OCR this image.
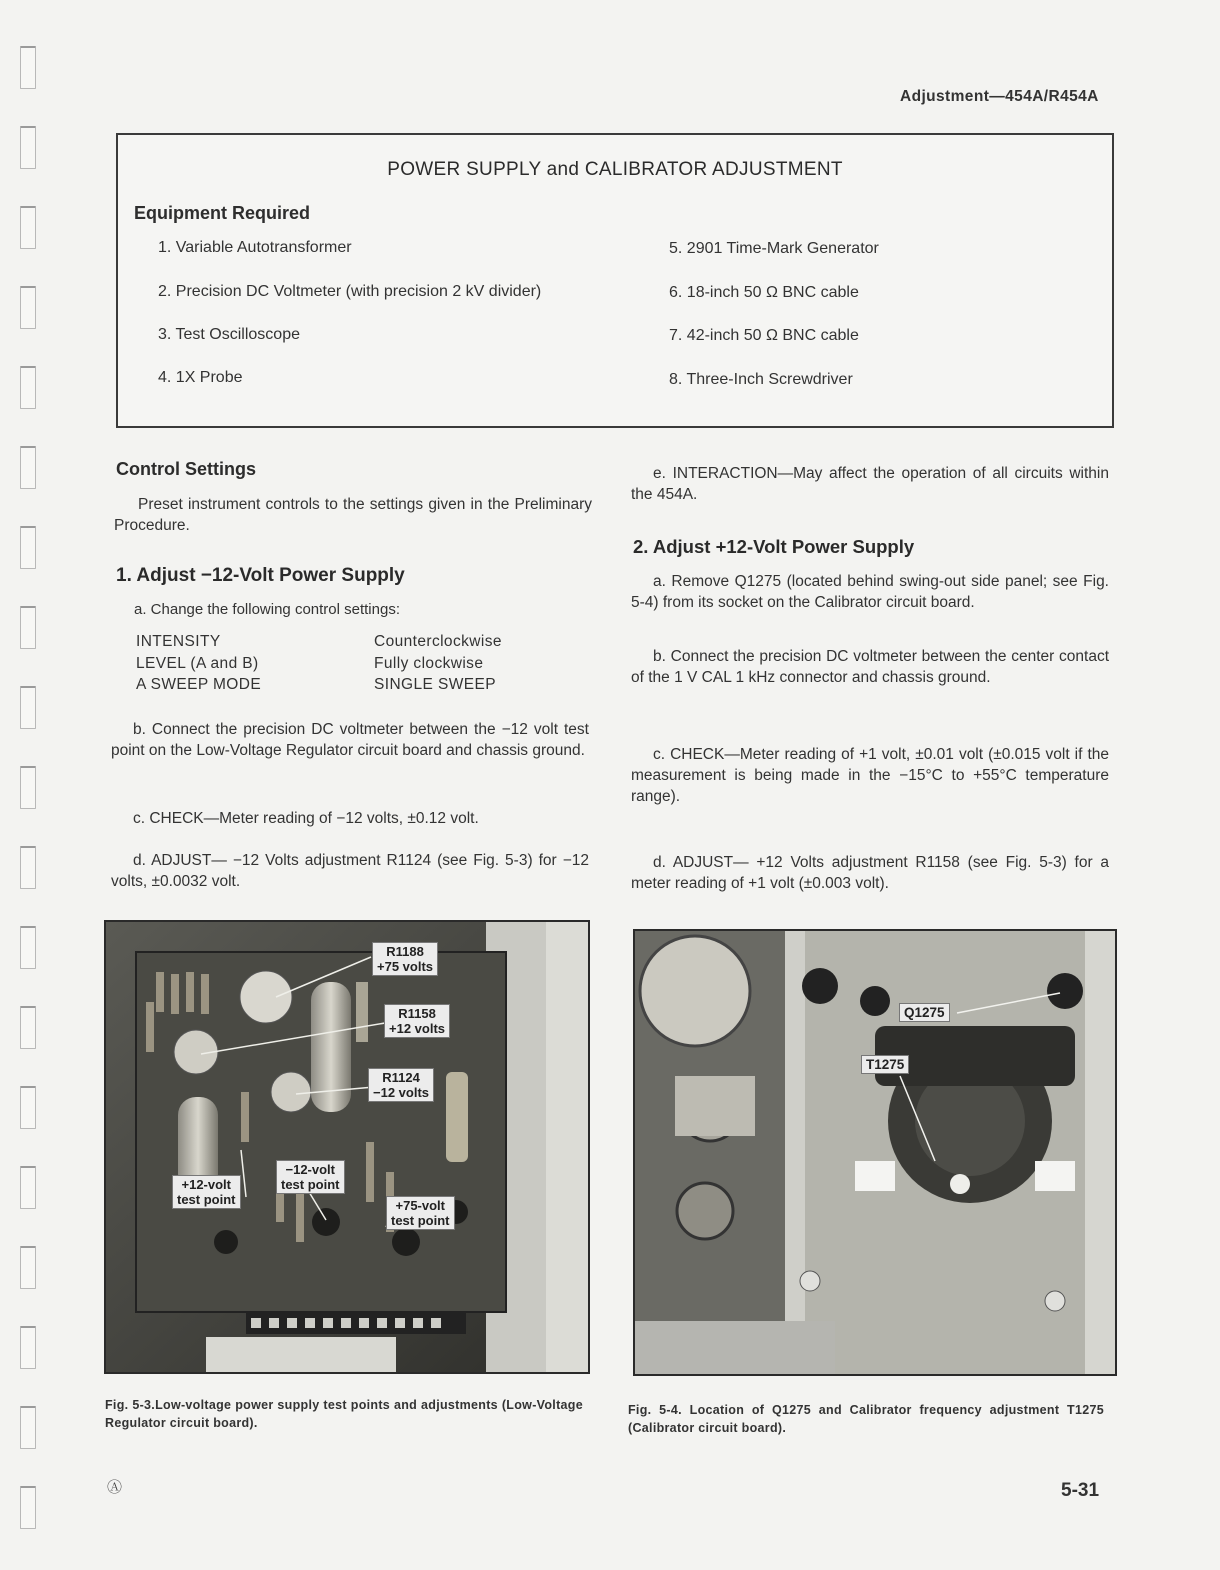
Adjustment—454A/R454A
POWER SUPPLY and CALIBRATOR ADJUSTMENT
Equipment Required
1. Variable Autotransformer
2. Precision DC Voltmeter (with precision 2 kV divider)
3. Test Oscilloscope
4. 1X Probe
5. 2901 Time-Mark Generator
6. 18-inch 50 Ω BNC cable
7. 42-inch 50 Ω BNC cable
8. Three-Inch Screwdriver
Control Settings
Preset instrument controls to the settings given in the Preliminary Procedure.
1. Adjust −12-Volt Power Supply
a. Change the following control settings:
INTENSITY
LEVEL (A and B)
A SWEEP MODE
Counterclockwise
Fully clockwise
SINGLE SWEEP
b. Connect the precision DC voltmeter between the −12 volt test point on the Low-Voltage Regulator circuit board and chassis ground.
c. CHECK—Meter reading of −12 volts, ±0.12 volt.
d. ADJUST— −12 Volts adjustment R1124 (see Fig. 5-3) for −12 volts, ±0.0032 volt.
e. INTERACTION—May affect the operation of all circuits within the 454A.
2. Adjust +12-Volt Power Supply
a. Remove Q1275 (located behind swing-out side panel; see Fig. 5-4) from its socket on the Calibrator circuit board.
b. Connect the precision DC voltmeter between the center contact of the 1 V CAL 1 kHz connector and chassis ground.
c. CHECK—Meter reading of +1 volt, ±0.01 volt (±0.015 volt if the measurement is being made in the −15°C to +55°C temperature range).
d. ADJUST— +12 Volts adjustment R1158 (see Fig. 5-3) for a meter reading of +1 volt (±0.003 volt).
R1188
+75 volts
R1158
+12 volts
R1124
−12 volts
+12-volt
test point
−12-volt
test point
+75-volt
test point
Q1275
T1275
Fig. 5-3.Low-voltage power supply test points and adjustments (Low-Voltage Regulator circuit board).
Fig. 5-4. Location of Q1275 and Calibrator frequency adjustment T1275 (Calibrator circuit board).
Ⓐ	5-31
